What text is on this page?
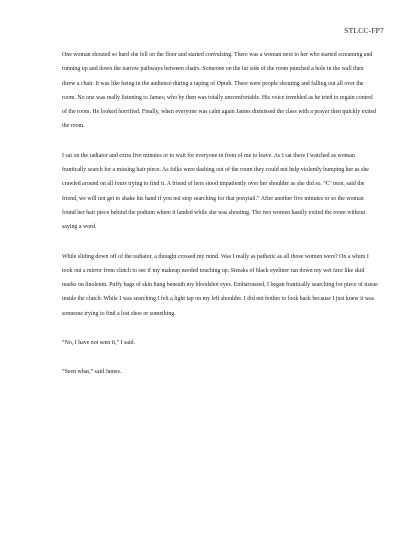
STLCC-FP7

One woman shouted so hard she fell on the floor and started convulsing. There was a woman next to her who started screaming and running up and down the narrow pathways between chairs. Someone on the far side of the room punched a hole in the wall then threw a chair. It was like being in the audience during a taping of Oprah. There were people shouting and falling out all over the room. No one was really listening to James; who by then was totally uncomfortable. His voice trembled as he tried to regain control of the room. He looked horrified. Finally, when everyone was calm again James dismissed the class with a prayer then quickly exited the room.

I sat on the radiator and extra five minutes or to wait for everyone in front of me to leave. As I sat there I watched as woman frantically search for a missing hair piece. As folks were dashing out of the room they could not help violently bumping her as she crawled around on all fours trying to find it. A friend of hers stood impatiently over her shoulder as she did so. “C’ mon, said the friend, we will not get to shake his hand if you not stop searching for that ponytail.” After another five minutes or so the woman found her hair piece behind the podium where it landed while she was shouting. The two women hastily exited the room without saying a word.

While sliding down off of the radiator, a thought crossed my mind. Was I really as pathetic as all those women were? On a whim I took out a mirror from clutch to see if my makeup needed touching up. Streaks of black eyeliner ran down my wet face like skid marks on linoleum. Puffy bags of skin hung beneath my bloodshot eyes. Embarrassed, I began frantically searching for piece of tissue inside the clutch. While I was searching I felt a light tap on my left shoulder. I did not bother to look back because I just knew it was someone trying to find a lost shoe or something.

“No, I have not seen it,” I said.

“Seen what,” said James.
